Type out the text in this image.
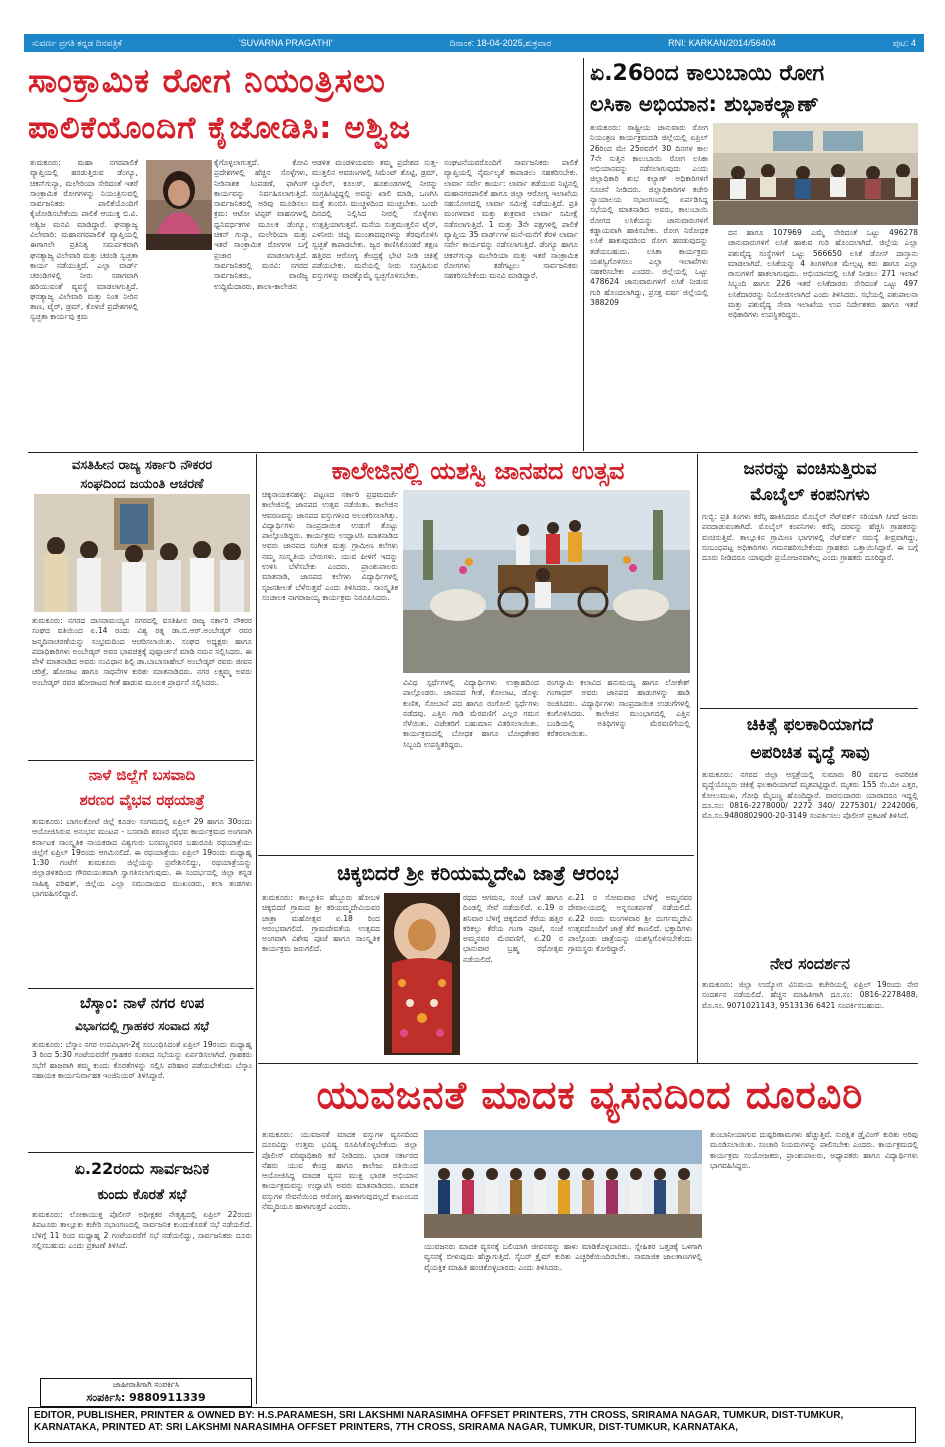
ಸುವರ್ಣ ಪ್ರಗತಿ ಕನ್ನಡ ದಿನಪತ್ರಿಕೆ	'SUVARNA PRAGATHI'	ದಿನಾಂಕ: 18-04-2025,ಶುಕ್ರವಾರ	RNI: KARKAN/2014/56404	ಪುಟ: 4
ಸಾಂಕ್ರಾಮಿಕ ರೋಗ ನಿಯಂತ್ರಿಸಲು
ಪಾಲಿಕೆಯೊಂದಿಗೆ ಕೈಜೋಡಿಸಿ: ಅಶ್ವಿಜ
ತುಮಕೂರು: ಮಹಾ ನಗರಪಾಲಿಕೆ ವ್ಯಾಪ್ತಿಯಲ್ಲಿ ಹರಡುತ್ತಿರುವ ಡೆಂಗ್ಯೂ, ಚಿಕನ್‌ಗುನ್ಯಾ, ಮಲೇರಿಯಾ ಸೇರಿದಂತೆ ಇತರೆ ಸಾಂಕ್ರಾಮಿಕ ರೋಗಗಳನ್ನು ನಿಯಂತ್ರಿಸುವಲ್ಲಿ ಸಾರ್ವಜನಿಕರು ಪಾಲಿಕೆಯೊಂದಿಗೆ ಕೈಜೋಡಿಸಬೇಕೆಂದು ಪಾಲಿಕೆ ಆಯುಕ್ತ ಬಿ.ವಿ. ಅಶ್ವಿಜ ಮನವಿ ಮಾಡಿದ್ದಾರೆ. ಘನತ್ಯಾಜ್ಯ ವಿಲೇವಾರಿ: ಮಹಾನಗರಪಾಲಿಕೆ ವ್ಯಾಪ್ತಿಯಲ್ಲಿ ಈಗಾಗಲೇ ಪ್ರತಿನಿತ್ಯ ಸಮರ್ಪಕವಾಗಿ ಘನತ್ಯಾಜ್ಯ ವಿಲೇವಾರಿ ಮತ್ತು ಚರಂಡಿ ಸ್ವಚ್ಛತಾ ಕಾರ್ಯ ನಡೆಯುತ್ತಿದೆ. ಎಲ್ಲಾ ವಾರ್ಡ್ ಚರಂಡಿಗಳಲ್ಲಿ ನೀರು ಸರಾಗವಾಗಿ ಹರಿಯುವಂತೆ ವ್ಯವಸ್ಥೆ ಮಾಡಲಾಗುತ್ತಿದೆ. ಘನತ್ಯಾಜ್ಯ ವಿಲೇವಾರಿ ಮತ್ತು ನಿಂತ ನೀರಿನ ತಾಣ, ಟೈರ್, ಡ್ರಮ್, ಕೊಳಚೆ ಪ್ರದೇಶಗಳಲ್ಲಿ ಸ್ವಚ್ಛತಾ ಕಾರ್ಯವು ಕ್ರಮ
ಕೈಗೊಳ್ಳಲಾಗುತ್ತದೆ. ಕೋವಿ ಪ್ರದೇಶಗಳಲ್ಲಿ ಹೆಚ್ಚಿನ ಸೊಳ್ಳೆಗಳು, ನೀರಿನಾಶಕ ಸಿಂಪಡಣೆ, ಫಾಗಿಂಗ್ ಕಾರ್ಯವನ್ನು ನಿರ್ವಹಿಸಲಾಗುತ್ತಿದೆ. ಸಾರ್ವಜನಿಕರಲ್ಲಿ ಅರಿವು ಮೂಡಿಸಲು ಕ್ರಮ: ಆಟೋ ಟಿಪ್ಪರ್ ವಾಹನಗಳಲ್ಲಿ ಧ್ವನಿವರ್ಧಕಗಳ ಮೂಲಕ ಡೆಂಗ್ಯೂ, ಚಿಕನ್ ಗುನ್ಯಾ, ಮಲೇರಿಯಾ ಮತ್ತು ಇತರೆ ಸಾಂಕ್ರಾಮಿಕ ರೋಗಗಳ ಬಗ್ಗೆ ಪ್ರಚಾರ ಮಾಡಲಾಗುತ್ತಿದೆ. ಸಾರ್ವಜನಿಕರಲ್ಲಿ ಮನವಿ: ನಗರದ ಸಾರ್ವಜನಿಕರು, ವಾಣಿಜ್ಯ ಉದ್ದಿಮೆದಾರರು, ಶಾಲಾ-ಕಾಲೇಜಿನ
ಆಡಳಿತ ಮಂಡಳಿಯವರು ತಮ್ಮ ಪ್ರದೇಶದ ಸುತ್ತ-ಮುತ್ತಲಿನ ಆವರಣಗಳಲ್ಲಿ ಸಿಮೆಂಟ್ ತೊಟ್ಟಿ, ಡ್ರಮ್, ಬ್ಯಾರೆಲ್, ಕೂಲರ್, ಹೂಕುಂಡಗಳಲ್ಲಿ ನೀರನ್ನು ಸಂಗ್ರಹಿಸಿಟ್ಟಿದ್ದಲ್ಲಿ ಅವನ್ನು ಖಾಲಿ ಮಾಡಿ, ಒಣಗಿಸಿ ಮತ್ತೆ ತುಂಬಿಸಿ ಮುಚ್ಚಳದಿಂದ ಮುಚ್ಚಬೇಕು. ಒಂದೇ ದಿನದಲ್ಲಿ ನಿಲ್ಲಿಸಿದ ನೀರಲ್ಲಿ ಸೊಳ್ಳೆಗಳು ಉತ್ಪತ್ತಿಯಾಗುತ್ತವೆ. ಮನೆಯ ಸುತ್ತಮುತ್ತಲಿನ ಟೈರ್, ಎಳನೀರು ಚಿಪ್ಪು ಮುಂತಾದವುಗಳನ್ನು ತೆರವುಗೊಳಿಸಿ ಸ್ವಚ್ಛತೆ ಕಾಪಾಡಬೇಕು. ಜ್ವರ ಕಾಣಿಸಿಕೊಂಡರೆ ತಕ್ಷಣ ಹತ್ತಿರದ ಆರೋಗ್ಯ ಕೇಂದ್ರಕ್ಕೆ ಭೇಟಿ ನೀಡಿ ಚಿಕಿತ್ಸೆ ಪಡೆಯಬೇಕು. ಮನೆಯಲ್ಲಿ ನೀರು ಸಂಗ್ರಹಿಸುವ ವಸ್ತುಗಳನ್ನು ವಾರಕ್ಕೊಮ್ಮೆ ಸ್ವಚ್ಛಗೊಳಿಸಬೇಕು.
ಸಂಘಟನೆಯವರೊಂದಿಗೆ ಸಾರ್ವಜನಿಕರು ಪಾಲಿಕೆ ವ್ಯಾಪ್ತಿಯಲ್ಲಿ ನೈರ್ಮಲ್ಯತೆ ಕಾಪಾಡಲು ಸಹಕರಿಸಬೇಕು. ಲಾರ್ವಾ ಸರ್ವೇ ಕಾರ್ಯ: ಲಾರ್ವಾ ತಡೆಯುವ ನಿಟ್ಟಿನಲ್ಲಿ ಮಹಾನಗರಪಾಲಿಕೆ ಹಾಗೂ ಜಿಲ್ಲಾ ಆರೋಗ್ಯ ಇಲಾಖೆಯ ಸಹಯೋಗದಲ್ಲಿ ಲಾರ್ವಾ ಸಮೀಕ್ಷೆ ನಡೆಯುತ್ತಿದೆ. ಪ್ರತಿ ಮಂಗಳವಾರ ಮತ್ತು ಶುಕ್ರವಾರ ಲಾರ್ವಾ ಸಮೀಕ್ಷೆ ನಡೆಸಲಾಗುತ್ತಿದೆ. 1 ಮತ್ತು 3ನೇ ಪಕ್ಷಗಳಲ್ಲಿ ಪಾಲಿಕೆ ವ್ಯಾಪ್ತಿಯ 35 ವಾರ್ಡ್‌ಗಳ ಮನೆ-ಮನೆಗೆ ತೆರಳಿ ಲಾರ್ವಾ ಸರ್ವೇ ಕಾರ್ಯವನ್ನು ನಡೆಸಲಾಗುತ್ತಿದೆ. ಡೆಂಗ್ಯೂ ಹಾಗೂ ಚಿಕನ್‌ಗುನ್ಯಾ ಮಲೇರಿಯಾ ಮತ್ತು ಇತರೆ ಸಾಂಕ್ರಾಮಿಕ ರೋಗಗಳು ತಡೆಗಟ್ಟಲು ಸಾರ್ವಜನಿಕರು ಸಹಕರಿಸಬೇಕೆಂದು ಮನವಿ ಮಾಡಿದ್ದಾರೆ.
ಏ.26ರಿಂದ ಕಾಲುಬಾಯಿ ರೋಗ
ಲಸಿಕಾ ಅಭಿಯಾನ: ಶುಭಾಕಲ್ಯಾಣ್
ತುಮಕೂರು: ರಾಷ್ಟ್ರೀಯ ಜಾನುವಾರು ರೋಗ ನಿಯಂತ್ರಣ ಕಾರ್ಯಕ್ರಮದಡಿ ಜಿಲ್ಲೆಯಲ್ಲಿ ಏಪ್ರಿಲ್ 26ರಿಂದ ಮೇ 25ರವರೆಗೆ 30 ದಿನಗಳ ಕಾಲ 7ನೇ ಸುತ್ತಿನ ಕಾಲುಬಾಯಿ ರೋಗ ಲಸಿಕಾ ಅಭಿಯಾನವನ್ನು ನಡೆಸಲಾಗುವುದು ಎಂದು ಜಿಲ್ಲಾಧಿಕಾರಿ ಶುಭ ಕಲ್ಯಾಣ್ ಅಧಿಕಾರಿಗಳಿಗೆ ಸೂಚನೆ ನೀಡಿದರು. ಜಿಲ್ಲಾಧಿಕಾರಿಗಳ ಕಚೇರಿ ನ್ಯಾಯಾಲಯ ಸಭಾಂಗಣದಲ್ಲಿ ಏರ್ಪಡಿಸಿದ್ದ ಸಭೆಯಲ್ಲಿ ಮಾತನಾಡಿದ ಅವರು, ಕಾಲುಬಾಯಿ ರೋಗದ ಲಸಿಕೆಯನ್ನು ಜಾನುವಾರುಗಳಿಗೆ ಕಡ್ಡಾಯವಾಗಿ ಹಾಕಿಸಬೇಕು. ರೋಗ ನಿರೋಧಕ ಲಸಿಕೆ ಹಾಕುವುದರಿಂದ ರೋಗ ಹರಡುವುದನ್ನು ತಡೆಯಬಹುದು. ಲಸಿಕಾ ಕಾರ್ಯಕ್ರಮ ಯಶಸ್ವಿಗೊಳಿಸಲು ಎಲ್ಲಾ ಇಲಾಖೆಗಳು ಸಹಕರಿಸಬೇಕು ಎಂದರು. ಜಿಲ್ಲೆಯಲ್ಲಿ ಒಟ್ಟು 478624 ಜಾನುವಾರುಗಳಿಗೆ ಲಸಿಕೆ ನೀಡುವ ಗುರಿ ಹೊಂದಲಾಗಿದ್ದು, ಪ್ರಸಕ್ತ ವರ್ಷ ಜಿಲ್ಲೆಯಲ್ಲಿ 388209
ದನ ಹಾಗೂ 107969 ಎಮ್ಮೆ ಸೇರಿದಂತೆ ಒಟ್ಟು 496278 ಜಾನುವಾರುಗಳಿಗೆ ಲಸಿಕೆ ಹಾಕುವ ಗುರಿ ಹೊಂದಲಾಗಿದೆ. ಜಿಲ್ಲೆಯ ಎಲ್ಲಾ ಪಶುವೈದ್ಯ ಸಂಸ್ಥೆಗಳಿಗೆ ಒಟ್ಟು 566650 ಲಸಿಕೆ ಡೋಸ್ ದಾಸ್ತಾನು ಮಾಡಲಾಗಿದೆ. ಲಸಿಕೆಯನ್ನು 4 ತಿಂಗಳಿಗಿಂತ ಮೇಲ್ಪಟ್ಟ ಕರು ಹಾಗೂ ಎಲ್ಲಾ ರಾಸುಗಳಿಗೆ ಹಾಕಲಾಗುವುದು. ಅಭಿಯಾನದಲ್ಲಿ ಲಸಿಕೆ ನೀಡಲು 271 ಇಲಾಖೆ ಸಿಬ್ಬಂದಿ ಹಾಗೂ 226 ಇತರೆ ಲಸಿಕೆದಾರರು ಸೇರಿದಂತೆ ಒಟ್ಟು 497 ಲಸಿಕೆದಾರರನ್ನು ನಿಯೋಜಿಸಲಾಗಿದೆ ಎಂದು ತಿಳಿಸಿದರು. ಸಭೆಯಲ್ಲಿ ಪಶುಪಾಲನಾ ಮತ್ತು ಪಶುವೈದ್ಯ ಸೇವಾ ಇಲಾಖೆಯ ಉಪ ನಿರ್ದೇಶಕರು ಹಾಗೂ ಇತರೆ ಅಧಿಕಾರಿಗಳು ಉಪಸ್ಥಿತರಿದ್ದರು.
ವಸತಿಹೀನ ರಾಜ್ಯ ಸರ್ಕಾರಿ ನೌಕರರ
ಸಂಘದಿಂದ ಜಯಂತಿ ಆಚರಣೆ
ತುಮಕೂರು: ನಗರದ ದಾಸರಾಮಯ್ಯನ ನಗರದಲ್ಲಿ ವಸತಿಹೀನ ರಾಜ್ಯ ಸರ್ಕಾರಿ ನೌಕರರ ಸಂಘದ ವತಿಯಿಂದ ಏ.14 ರಂದು ವಿಶ್ವ ರತ್ನ ಡಾ.ಬಿ.ಆರ್.ಅಂಬೇಡ್ಕರ್ ರವರ ಜನ್ಮದಿನಾಚರಣೆಯನ್ನು ಸಂಭ್ರಮದಿಂದ ಆಚರಿಸಲಾಯಿತು. ಸಂಘದ ಅಧ್ಯಕ್ಷರು ಹಾಗೂ ಪದಾಧಿಕಾರಿಗಳು ಅಂಬೇಡ್ಕರ್ ಅವರ ಭಾವಚಿತ್ರಕ್ಕೆ ಪುಷ್ಪಾರ್ಚನೆ ಮಾಡಿ ನಮನ ಸಲ್ಲಿಸಿದರು. ಈ ವೇಳೆ ಮಾತನಾಡಿದ ಅವರು ಸಂವಿಧಾನ ಶಿಲ್ಪಿ ಡಾ.ಬಾಬಾಸಾಹೇಬ್ ಅಂಬೇಡ್ಕರ್ ರವರು ಜೀವನ ಚರಿತ್ರೆ, ಹೋರಾಟ ಹಾಗೂ ಸಾಧನೆಗಳ ಕುರಿತು ಮಾತನಾಡಿದರು. ನಗರ ಲಕ್ಷ್ಮಮ್ಮ ಅವರು ಅಂಬೇಡ್ಕರ್ ರವರ ಹೋರಾಟದ ಗೀತೆ ಹಾಡುವ ಮೂಲಕ ಪ್ರಾರ್ಥನೆ ಸಲ್ಲಿಸಿದರು.
ನಾಳೆ ಜಿಲ್ಲೆಗೆ ಬಸವಾದಿ
ಶರಣರ ವೈಭವ ರಥಯಾತ್ರೆ
ತುಮಕೂರು: ಬಾಗಲಕೋಟೆ ಜಿಲ್ಲೆ ಕೂಡಲ ಸಂಗಮದಲ್ಲಿ ಏಪ್ರಿಲ್ 29 ಹಾಗೂ 30ರಂದು ಆಯೋಜಿಸಿರುವ ಅನುಭವ ಮಂಟಪ - ಬಸವಾದಿ ಶರಣರ ವೈಭವ ಕಾರ್ಯಕ್ರಮದ ಅಂಗವಾಗಿ ಕರ್ನಾಟಕ ಸಾಂಸ್ಕೃತಿಕ ನಾಯಕರಾದ ವಿಶ್ವಗುರು ಬಸವಣ್ಣನವರ ಬಹುರೂಪಿ ರಥಯಾತ್ರೆಯು ಜಿಲ್ಲೆಗೆ ಏಪ್ರಿಲ್ 19ರಂದು ಆಗಮಿಸಲಿದೆ. ಈ ರಥಯಾತ್ರೆಯು ಏಪ್ರಿಲ್ 19ರಂದು ಮಧ್ಯಾಹ್ನ 1:30 ಗಂಟೆಗೆ ತುಮಕೂರು ಜಿಲ್ಲೆಯನ್ನು ಪ್ರವೇಶಿಸಲಿದ್ದು, ರಥಯಾತ್ರೆಯನ್ನು ಜಿಲ್ಲಾಡಳಿತದಿಂದ ಗೌರವಯುತವಾಗಿ ಸ್ವಾಗತಿಸಲಾಗುವುದು. ಈ ಸಂದರ್ಭದಲ್ಲಿ ಜಿಲ್ಲಾ ಕನ್ನಡ ಸಾಹಿತ್ಯ ಪರಿಷತ್, ಜಿಲ್ಲೆಯ ಎಲ್ಲಾ ಸಮುದಾಯದ ಮುಖಂಡರು, ಕಲಾ ತಂಡಗಳು ಭಾಗವಹಿಸಲಿದ್ದಾರೆ.
ಬೆಸ್ಕಾಂ: ನಾಳೆ ನಗರ ಉಪ
ವಿಭಾಗದಲ್ಲಿ ಗ್ರಾಹಕರ ಸಂವಾದ ಸಭೆ
ತುಮಕೂರು: ಬೆಸ್ಕಾಂ ನಗರ ಉಪವಿಭಾಗ-2ಕ್ಕೆ ಸಂಬಂಧಿಸಿದಂತೆ ಏಪ್ರಿಲ್ 19ರಂದು ಮಧ್ಯಾಹ್ನ 3 ರಿಂದ 5:30 ಗಂಟೆಯವರೆಗೆ ಗ್ರಾಹಕರ ಸಂವಾದ ಸಭೆಯನ್ನು ಏರ್ಪಡಿಸಲಾಗಿದೆ. ಗ್ರಾಹಕರು ಸಭೆಗೆ ಹಾಜರಾಗಿ ತಮ್ಮ ಕುಂದು ಕೊರತೆಗಳನ್ನು ಸಲ್ಲಿಸಿ ಪರಿಹಾರ ಪಡೆಯಬೇಕೆಂದು ಬೆಸ್ಕಾಂ ಸಹಾಯಕ ಕಾರ್ಯನಿರ್ವಾಹಕ ಇಂಜಿನಿಯರ್ ತಿಳಿಸಿದ್ದಾರೆ.
ಏ.22ರಂದು ಸಾರ್ವಜನಿಕ
ಕುಂದು ಕೊರತೆ ಸಭೆ
ತುಮಕೂರು: ಲೋಕಾಯುಕ್ತ ಪೊಲೀಸ್ ಅಧೀಕ್ಷಕರ ನೇತೃತ್ವದಲ್ಲಿ ಏಪ್ರಿಲ್ 22ರಂದು ತಿಪಟೂರು ತಾಲ್ಲೂಕು ಕಚೇರಿ ಸಭಾಂಗಣದಲ್ಲಿ ಸಾರ್ವಜನಿಕ ಕುಂದುಕೊರತೆ ಸಭೆ ನಡೆಯಲಿದೆ. ಬೆಳಿಗ್ಗೆ 11 ರಿಂದ ಮಧ್ಯಾಹ್ನ 2 ಗಂಟೆಯವರೆಗೆ ಸಭೆ ನಡೆಯಲಿದ್ದು, ಸಾರ್ವಜನಿಕರು ದೂರು ಸಲ್ಲಿಸಬಹುದು ಎಂದು ಪ್ರಕಟಣೆ ತಿಳಿಸಿದೆ.
ಜಾಹೀರಾತಿಗಾಗಿ ಸಂಪರ್ಕಿಸಿ
ಸಂಪರ್ಕಿಸಿ: 9880911339
ಕಾಲೇಜಿನಲ್ಲಿ ಯಶಸ್ವಿ ಜಾನಪದ ಉತ್ಸವ
ಚಿಕ್ಕನಾಯಕನಹಳ್ಳಿ: ಪಟ್ಟಣದ ಸರ್ಕಾರಿ ಪ್ರಥಮದರ್ಜೆ ಕಾಲೇಜಿನಲ್ಲಿ ಜಾನಪದ ಉತ್ಸವ ನಡೆಯಿತು. ಕಾಲೇಜಿನ ಆವರಣವನ್ನು ಜಾನಪದ ವಸ್ತುಗಳಿಂದ ಅಲಂಕರಿಸಲಾಗಿತ್ತು. ವಿದ್ಯಾರ್ಥಿಗಳು ಸಾಂಪ್ರದಾಯಿಕ ಉಡುಗೆ ತೊಟ್ಟು ಪಾಲ್ಗೊಂಡಿದ್ದರು. ಕಾರ್ಯಕ್ರಮ ಉದ್ಘಾಟಿಸಿ ಮಾತನಾಡಿದ ಅವರು ಜಾನಪದ ಸಂಗೀತ ಮತ್ತು ಗ್ರಾಮೀಣ ಕಲೆಗಳು ನಮ್ಮ ಸಂಸ್ಕೃತಿಯ ಬೇರುಗಳು. ಯುವ ಪೀಳಿಗೆ ಇದನ್ನು ಉಳಿಸಿ ಬೆಳೆಸಬೇಕು ಎಂದರು. ಪ್ರಾಂಶುಪಾಲರು ಮಾತನಾಡಿ, ಜಾನಪದ ಕಲೆಗಳು ವಿದ್ಯಾರ್ಥಿಗಳಲ್ಲಿ ಸೃಜನಶೀಲತೆ ಬೆಳೆಸುತ್ತವೆ ಎಂದು ತಿಳಿಸಿದರು. ಸಾಂಸ್ಕೃತಿಕ ಸಂಚಾಲಕ ನಾಗರಾಜಯ್ಯ ಕಾರ್ಯಕ್ರಮ ನಿರೂಪಿಸಿದರು.
ವಿವಿಧ ಸ್ಪರ್ಧೆಗಳಲ್ಲಿ ವಿದ್ಯಾರ್ಥಿಗಳು ಉತ್ಸಾಹದಿಂದ ಪಾಲ್ಗೊಂಡರು. ಜಾನಪದ ಗೀತೆ, ಕೋಲಾಟ, ಡೊಳ್ಳು ಕುಣಿತ, ಸೋಬಾನೆ ಪದ ಹಾಗೂ ರಂಗೋಲಿ ಸ್ಪರ್ಧೆಗಳು ನಡೆದವು. ಎತ್ತಿನ ಗಾಡಿ ಮೆರವಣಿಗೆ ಎಲ್ಲರ ಗಮನ ಸೆಳೆಯಿತು. ವಿಜೇತರಿಗೆ ಬಹುಮಾನ ವಿತರಿಸಲಾಯಿತು. ಕಾರ್ಯಕ್ರಮದಲ್ಲಿ ಬೋಧಕ ಹಾಗೂ ಬೋಧಕೇತರ ಸಿಬ್ಬಂದಿ ಉಪಸ್ಥಿತರಿದ್ದರು.
ರಂಗಸ್ವಾಮಿ ಕಲಾವಿದ ಹನುಮಯ್ಯ ಹಾಗೂ ಲೋಕೇಶ್ ಗಂಗಾಧರ್ ಅವರು ಜಾನಪದ ಹಾಡುಗಳನ್ನು ಹಾಡಿ ರಂಜಿಸಿದರು. ವಿದ್ಯಾರ್ಥಿಗಳು ಸಾಂಪ್ರದಾಯಿಕ ಉಡುಗೆಗಳಲ್ಲಿ ಕಂಗೊಳಿಸಿದರು. ಕಾಲೇಜಿನ ಮುಂಭಾಗದಲ್ಲಿ ಎತ್ತಿನ ಬಂಡಿಯಲ್ಲಿ ಅತಿಥಿಗಳನ್ನು ಮೆರವಣಿಗೆಯಲ್ಲಿ ಕರೆತರಲಾಯಿತು.
ಚಿಕ್ಕಬಿದರೆ ಶ್ರೀ ಕರಿಯಮ್ಮದೇವಿ ಜಾತ್ರೆ ಆರಂಭ
ತುಮಕೂರು: ತಾಲ್ಲೂಕಿನ ಹೆಬ್ಬೂರು ಹೋಬಳಿ ಚಿಕ್ಕಬಿದರೆ ಗ್ರಾಮದ ಶ್ರೀ ಕರಿಯಮ್ಮದೇವಿಯವರ ಜಾತ್ರಾ ಮಹೋತ್ಸವ ಏ.18 ರಿಂದ ಆರಂಭವಾಗಲಿದೆ. ಗ್ರಾಮದೇವತೆಯ ಉತ್ಸವದ ಅಂಗವಾಗಿ ವಿಶೇಷ ಪೂಜೆ ಹಾಗೂ ಸಾಂಸ್ಕೃತಿಕ ಕಾರ್ಯಕ್ರಮ ಜರುಗಲಿದೆ.
ರಥದ ಆಗಮನ, ಸಂಜೆ ಬಾಳೆ ಹಾಗೂ ದಿಂಡಲ್ಲಿ ಸೇವೆ ನಡೆಯಲಿದೆ. ಏ.19 ರ ಶನಿವಾರ ಬೆಳಿಗ್ಗೆ ಚಿಕ್ಕಬಿದರೆ ಕೆರೆಯ ಹತ್ತಿರ ಕರಿಕಲ್ಲು ಕೆರೆಯ ಗಂಗಾ ಪೂಜೆ, ಸಂಜೆ ಅಮ್ಮನವರ ಮೆರವಣಿಗೆ, ಏ.20 ರ ಭಾನುವಾರ ಬ್ರಹ್ಮ ರಥೋತ್ಸವ ನಡೆಯಲಿದೆ.
ಏ.21 ರ ಸೋಮವಾರ ಬೆಳಿಗ್ಗೆ ಅಮ್ಮನವರ ದೇವಾಲಯದಲ್ಲಿ ಅನ್ನಸಂತರ್ಪಣೆ ನಡೆಯಲಿದೆ. ಏ.22 ರಂದು ಮಂಗಳವಾರ ಶ್ರೀ ದುರ್ಗಮ್ಮದೇವಿ ಉತ್ಸವದೊಂದಿಗೆ ಜಾತ್ರೆ ತೆರೆ ಕಾಣಲಿದೆ. ಭಕ್ತಾದಿಗಳು ಪಾಲ್ಗೊಂಡು ಜಾತ್ರೆಯನ್ನು ಯಶಸ್ವಿಗೊಳಿಸಬೇಕೆಂದು ಗ್ರಾಮಸ್ಥರು ಕೋರಿದ್ದಾರೆ.
ಜನರನ್ನು ವಂಚಿಸುತ್ತಿರುವ
ಮೊಬೈಲ್ ಕಂಪನಿಗಳು
ಗುಬ್ಬಿ: ಪ್ರತಿ ತಿಂಗಳು ಕರೆನ್ಸಿ ಹಾಕಿಸಿದರೂ ಮೊಬೈಲ್ ನೆಟ್‌ವರ್ಕ್ ಸರಿಯಾಗಿ ಸಿಗದೆ ಜನರು ಪರದಾಡುವಂತಾಗಿದೆ. ಮೊಬೈಲ್ ಕಂಪನಿಗಳು ಕರೆನ್ಸಿ ದರವನ್ನು ಹೆಚ್ಚಿಸಿ ಗ್ರಾಹಕರನ್ನು ವಂಚಿಸುತ್ತಿವೆ. ತಾಲ್ಲೂಕಿನ ಗ್ರಾಮೀಣ ಭಾಗಗಳಲ್ಲಿ ನೆಟ್‌ವರ್ಕ್ ಸಮಸ್ಯೆ ತೀವ್ರವಾಗಿದ್ದು, ಸಂಬಂಧಪಟ್ಟ ಅಧಿಕಾರಿಗಳು ಗಮನಹರಿಸಬೇಕೆಂದು ಗ್ರಾಹಕರು ಒತ್ತಾಯಿಸಿದ್ದಾರೆ. ಈ ಬಗ್ಗೆ ದೂರು ನೀಡಿದರೂ ಯಾವುದೇ ಪ್ರಯೋಜನವಾಗಿಲ್ಲ ಎಂದು ಗ್ರಾಹಕರು ದೂರಿದ್ದಾರೆ.
ಚಿಕಿತ್ಸೆ ಫಲಕಾರಿಯಾಗದೆ
ಅಪರಿಚಿತ ವೃದ್ಧೆ ಸಾವು
ತುಮಕೂರು: ನಗರದ ಜಿಲ್ಲಾ ಆಸ್ಪತ್ರೆಯಲ್ಲಿ ಸುಮಾರು 80 ವರ್ಷದ ಅಪರಿಚಿತ ವೃದ್ಧೆಯೊಬ್ಬರು ಚಿಕಿತ್ಸೆ ಫಲಕಾರಿಯಾಗದೆ ಮೃತಪಟ್ಟಿದ್ದಾರೆ. ಮೃತರು 155 ಸೆಂ.ಮೀ ಎತ್ತರ, ಕೋಲುಮುಖ, ಗೋಧಿ ಮೈಬಣ್ಣ ಹೊಂದಿದ್ದಾರೆ. ವಾರಸುದಾರರು ಯಾರಾದರೂ ಇದ್ದಲ್ಲಿ ದೂ.ಸಂ: 0816-2278000/ 2272 340/ 2275301/ 2242006, ಮೊ.ಸಂ.9480802900-20-3149 ಸಂಪರ್ಕಿಸಲು ಪೊಲೀಸ್ ಪ್ರಕಟಣೆ ತಿಳಿಸಿದೆ.
ನೇರ ಸಂದರ್ಶನ
ತುಮಕೂರು: ಜಿಲ್ಲಾ ಉದ್ಯೋಗ ವಿನಿಮಯ ಕಚೇರಿಯಲ್ಲಿ ಏಪ್ರಿಲ್ 19ರಂದು ನೇರ ಸಂದರ್ಶನ ನಡೆಯಲಿದೆ. ಹೆಚ್ಚಿನ ಮಾಹಿತಿಗಾಗಿ ದೂ.ಸಂ: 0816-2278488, ಮೊ.ಸಂ. 9071021143, 9513136 6421 ಸಂಪರ್ಕಿಸಬಹುದು.
ಯುವಜನತೆ ಮಾದಕ ವ್ಯಸನದಿಂದ ದೂರವಿರಿ
ತುಮಕೂರು: ಯುವಜನತೆ ಮಾದಕ ವಸ್ತುಗಳ ವ್ಯಸನದಿಂದ ದೂರವಿದ್ದು ಉತ್ತಮ ಭವಿಷ್ಯ ರೂಪಿಸಿಕೊಳ್ಳಬೇಕೆಂದು ಜಿಲ್ಲಾ ಪೊಲೀಸ್ ವರಿಷ್ಠಾಧಿಕಾರಿ ಕರೆ ನೀಡಿದರು. ಭಾರತ ಸರ್ಕಾರದ ನೆಹರು ಯುವ ಕೇಂದ್ರ ಹಾಗೂ ಕಾಲೇಜು ವತಿಯಿಂದ ಆಯೋಜಿಸಿದ್ದ ಮಾದಕ ವ್ಯಸನ ಮುಕ್ತ ಭಾರತ ಅಭಿಯಾನ ಕಾರ್ಯಕ್ರಮವನ್ನು ಉದ್ಘಾಟಿಸಿ ಅವರು ಮಾತನಾಡಿದರು. ಮಾದಕ ವಸ್ತುಗಳ ಸೇವನೆಯಿಂದ ಆರೋಗ್ಯ ಹಾಳಾಗುವುದಲ್ಲದೆ ಕುಟುಂಬದ ನೆಮ್ಮದಿಯೂ ಹಾಳಾಗುತ್ತದೆ ಎಂದರು.
ಯುವಜನರು ಮಾದಕ ವ್ಯಸನಕ್ಕೆ ಬಲಿಯಾಗಿ ಜೀವನವನ್ನು ಹಾಳು ಮಾಡಿಕೊಳ್ಳಬಾರದು. ಸ್ನೇಹಿತರ ಒತ್ತಡಕ್ಕೆ ಒಳಗಾಗಿ ವ್ಯಸನಕ್ಕೆ ಬೀಳುವುದು ಹೆಚ್ಚಾಗುತ್ತಿದೆ. ಸೈಬರ್ ಕ್ರೈಮ್ ಕುರಿತು ಎಚ್ಚರಿಕೆಯಿಂದಿರಬೇಕು. ಸಾಮಾಜಿಕ ಜಾಲತಾಣಗಳಲ್ಲಿ ವೈಯಕ್ತಿಕ ಮಾಹಿತಿ ಹಂಚಿಕೊಳ್ಳಬಾರದು ಎಂದು ತಿಳಿಸಿದರು.
ತುಂಬಾನೀಯಾಗುವ ದುಷ್ಪರಿಣಾಮಗಳು ಹೆಚ್ಚುತ್ತಿವೆ. ಸುರಕ್ಷಿತ ಡ್ರೈವಿಂಗ್ ಕುರಿತು ಅರಿವು ಮೂಡಿಸಲಾಯಿತು. ಸಂಚಾರಿ ನಿಯಮಗಳನ್ನು ಪಾಲಿಸಬೇಕು ಎಂದರು. ಕಾರ್ಯಕ್ರಮದಲ್ಲಿ ಕಾರ್ಯಕ್ರಮ ಸಂಯೋಜಕರು, ಪ್ರಾಂಶುಪಾಲರು, ಅಧ್ಯಾಪಕರು ಹಾಗೂ ವಿದ್ಯಾರ್ಥಿಗಳು ಭಾಗವಹಿಸಿದ್ದರು.
EDITOR, PUBLISHER, PRINTER & OWNED BY: H.S.PARAMESH, SRI LAKSHMI NARASIMHA OFFSET PRINTERS, 7TH CROSS, SRIRAMA NAGAR, TUMKUR, DIST-TUMKUR, KARNATAKA, PRINTED AT: SRI LAKSHMI NARASIMHA OFFSET PRINTERS, 7TH CROSS, SRIRAMA NAGAR, TUMKUR, DIST-TUMKUR, KARNATAKA,
